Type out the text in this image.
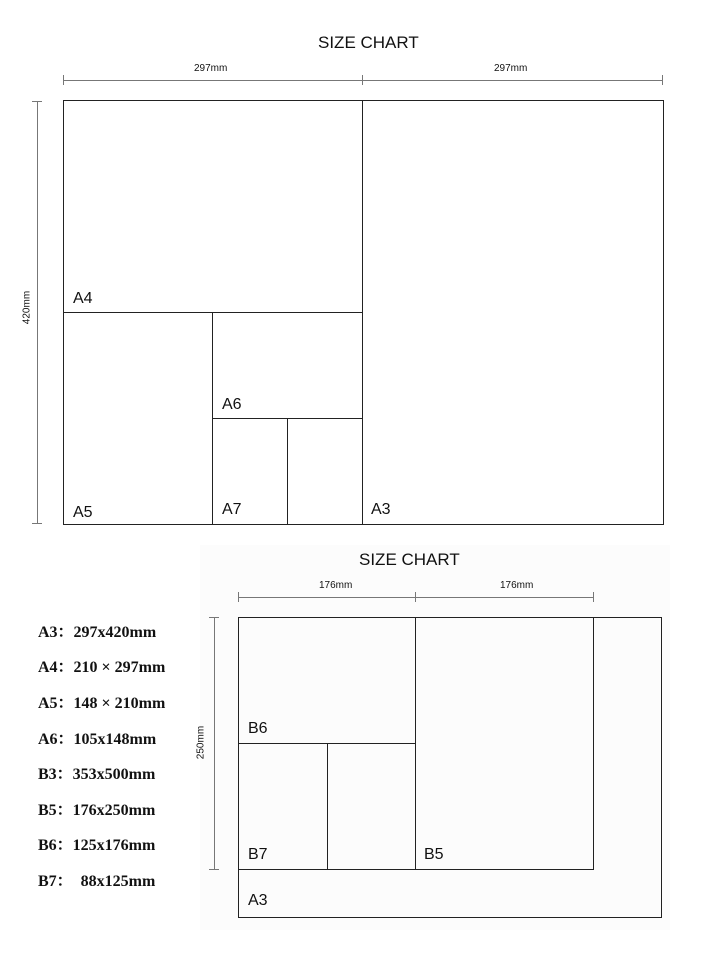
SIZE CHART
297mm	297mm
420mm	A4
A6
A5	A7	A3
SIZE CHART
176mm	176mm
250mm	B6
B7	B5
A3
A3：297x420mm
A4：210 × 297mm
A5：148 × 210mm
A6：105x148mm
B3：353x500mm
B5：176x250mm
B6：125x176mm
B7：  88x125mm
